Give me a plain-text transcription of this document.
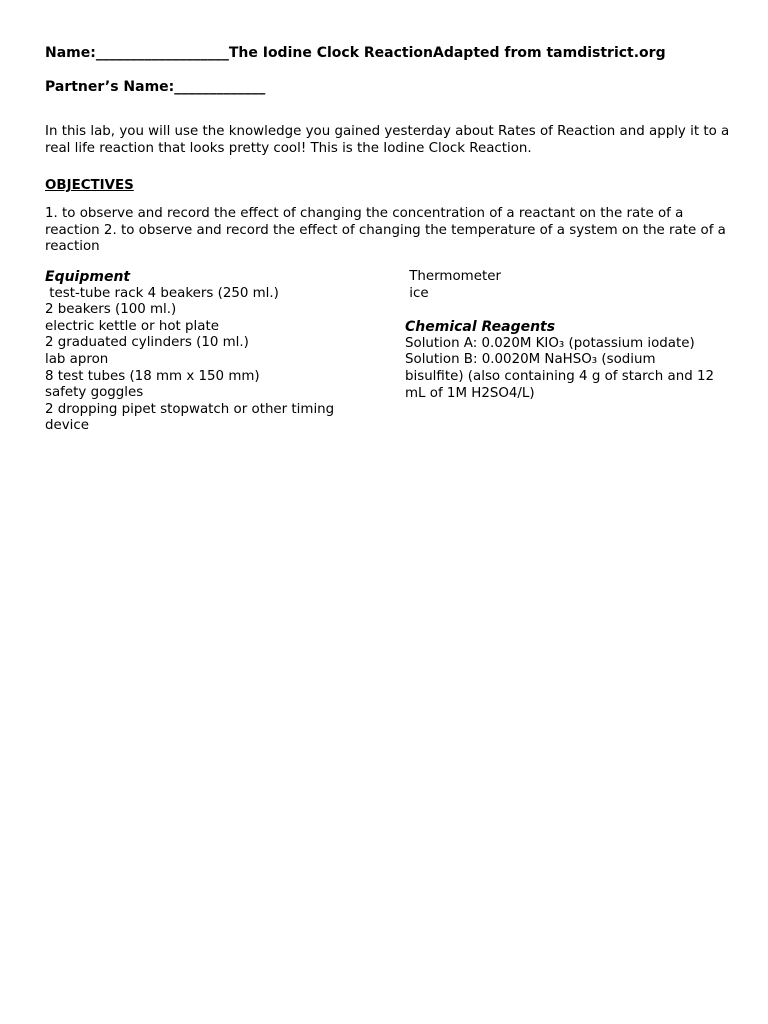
Name:___________________The Iodine Clock ReactionAdapted from tamdistrict.org
Partner’s Name:_____________
In this lab, you will use the knowledge you gained yesterday about Rates of Reaction and apply it to a real life reaction that looks pretty cool! This is the Iodine Clock Reaction.
OBJECTIVES
1. to observe and record the effect of changing the concentration of a reactant on the rate of a reaction 2. to observe and record the effect of changing the temperature of a system on the rate of a reaction
Equipment
test-tube rack 4 beakers (250 ml.)
2 beakers (100 ml.)
electric kettle or hot plate
2 graduated cylinders (10 ml.)
lab apron
8 test tubes (18 mm x 150 mm)
safety goggles
2 dropping pipet stopwatch or other timing device
Thermometer
ice
Chemical Reagents
Solution A: 0.020M KIO₃ (potassium iodate) Solution B: 0.0020M NaHSO₃ (sodium bisulfite) (also containing 4 g of starch and 12 mL of 1M H2SO4/L)
